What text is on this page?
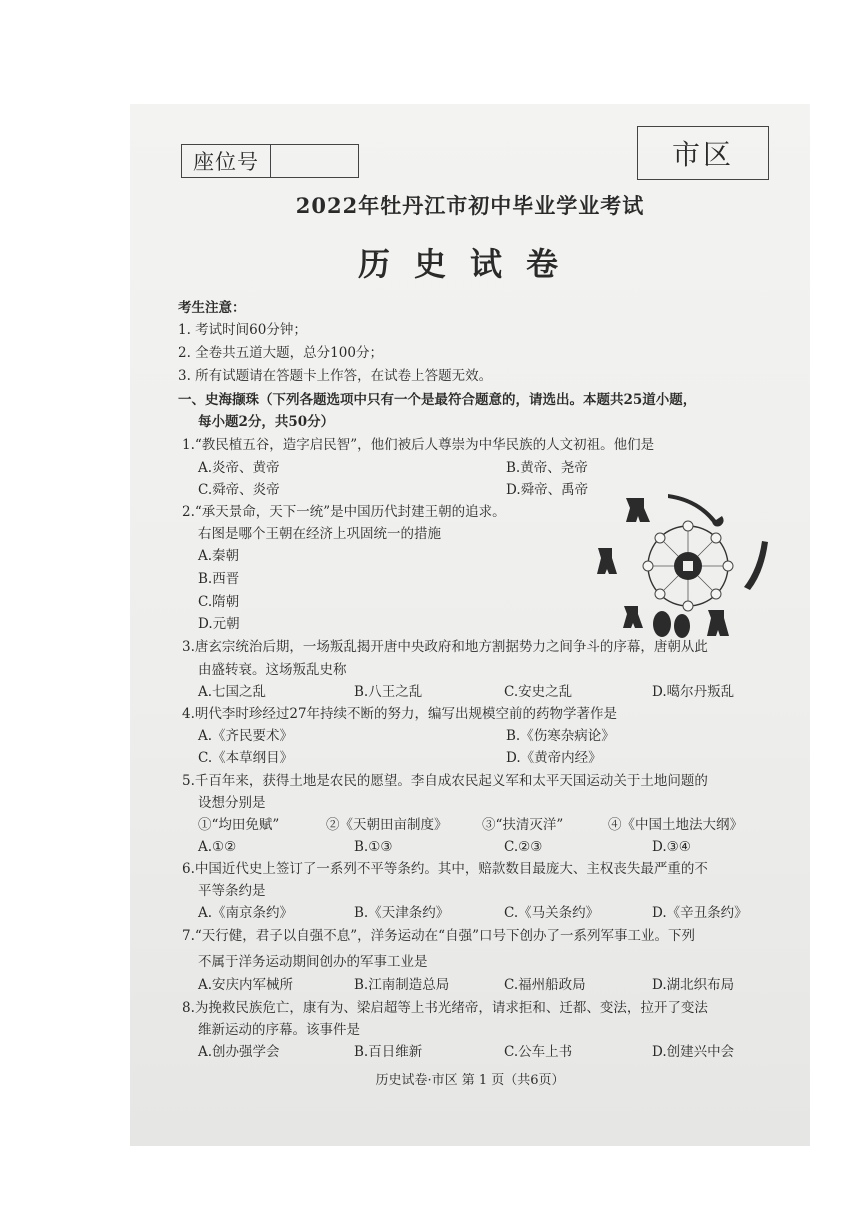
座位号	市区
2022年牡丹江市初中毕业学业考试
历史试卷
考生注意：
1. 考试时间60分钟；
2. 全卷共五道大题，总分100分；
3. 所有试题请在答题卡上作答，在试卷上答题无效。
一、史海撷珠（下列各题选项中只有一个是最符合题意的，请选出。本题共25道小题，
每小题2分，共50分）
1.“教民植五谷，造字启民智”，他们被后人尊崇为中华民族的人文初祖。他们是
A.炎帝、黄帝	B.黄帝、尧帝
C.舜帝、炎帝	D.舜帝、禹帝
2.“承天景命，天下一统”是中国历代封建王朝的追求。
右图是哪个王朝在经济上巩固统一的措施
A.秦朝
B.西晋
C.隋朝
D.元朝
3.唐玄宗统治后期，一场叛乱揭开唐中央政府和地方割据势力之间争斗的序幕，唐朝从此
由盛转衰。这场叛乱史称
A.七国之乱	B.八王之乱	C.安史之乱	D.噶尔丹叛乱
4.明代李时珍经过27年持续不断的努力，编写出规模空前的药物学著作是
A.《齐民要术》	B.《伤寒杂病论》
C.《本草纲目》	D.《黄帝内经》
5.千百年来，获得土地是农民的愿望。李自成农民起义军和太平天国运动关于土地问题的
设想分别是
①“均田免赋”	②《天朝田亩制度》	③“扶清灭洋”	④《中国土地法大纲》
A.①②	B.①③	C.②③	D.③④
6.中国近代史上签订了一系列不平等条约。其中，赔款数目最庞大、主权丧失最严重的不
平等条约是
A.《南京条约》	B.《天津条约》	C.《马关条约》	D.《辛丑条约》
7.“天行健，君子以自强不息”，洋务运动在“自强”口号下创办了一系列军事工业。下列
不属于洋务运动期间创办的军事工业是
A.安庆内军械所	B.江南制造总局	C.福州船政局	D.湖北织布局
8.为挽救民族危亡，康有为、梁启超等上书光绪帝，请求拒和、迁都、变法，拉开了变法
维新运动的序幕。该事件是
A.创办强学会	B.百日维新	C.公车上书	D.创建兴中会
历史试卷·市区 第 1 页（共6页）
